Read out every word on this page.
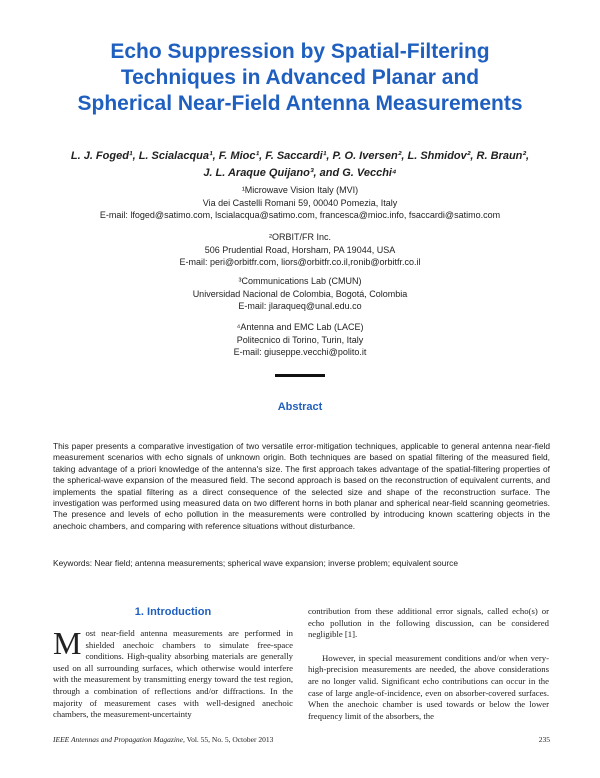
Echo Suppression by Spatial-Filtering
Techniques in Advanced Planar and
Spherical Near-Field Antenna Measurements
L. J. Foged¹, L. Scialacqua¹, F. Mioc¹, F. Saccardi¹, P. O. Iversen², L. Shmidov², R. Braun²,
J. L. Araque Quijano³, and G. Vecchi⁴
¹Microwave Vision Italy (MVI)
Via dei Castelli Romani 59, 00040 Pomezia, Italy
E-mail: lfoged@satimo.com, lscialacqua@satimo.com, francesca@mioc.info, fsaccardi@satimo.com
²ORBIT/FR Inc.
506 Prudential Road, Horsham, PA 19044, USA
E-mail: peri@orbitfr.com, liors@orbitfr.co.il,ronib@orbitfr.co.il
³Communications Lab (CMUN)
Universidad Nacional de Colombia, Bogotá, Colombia
E-mail: jlaraqueq@unal.edu.co
⁴Antenna and EMC Lab (LACE)
Politecnico di Torino, Turin, Italy
E-mail: giuseppe.vecchi@polito.it
Abstract
This paper presents a comparative investigation of two versatile error-mitigation techniques, applicable to general antenna near-field measurement scenarios with echo signals of unknown origin. Both techniques are based on spatial filtering of the measured field, taking advantage of a priori knowledge of the antenna's size. The first approach takes advantage of the spatial-filtering properties of the spherical-wave expansion of the measured field. The second approach is based on the reconstruction of equivalent currents, and implements the spatial filtering as a direct consequence of the selected size and shape of the reconstruction surface. The investigation was performed using measured data on two different horns in both planar and spherical near-field scanning geometries. The presence and levels of echo pollution in the measurements were controlled by introducing known scattering objects in the anechoic chambers, and comparing with reference situations without disturbance.
Keywords: Near field; antenna measurements; spherical wave expansion; inverse problem; equivalent source
1. Introduction

Most near-field antenna measurements are performed in shielded anechoic chambers to simulate free-space conditions. High-quality absorbing materials are generally used on all surrounding surfaces, which otherwise would interfere with the measurement by transmitting energy toward the test region, through a combination of reflections and/or diffractions. In the majority of measurement cases with well-designed anechoic chambers, the measurement-uncertainty

contribution from these additional error signals, called echo(s) or echo pollution in the following discussion, can be considered negligible [1].

However, in special measurement conditions and/or when very-high-precision measurements are needed, the above considerations are no longer valid. Significant echo contributions can occur in the case of large angle-of-incidence, even on absorber-covered surfaces. When the anechoic chamber is used towards or below the lower frequency limit of the absorbers, the

IEEE Antennas and Propagation Magazine, Vol. 55, No. 5, October 2013	235
